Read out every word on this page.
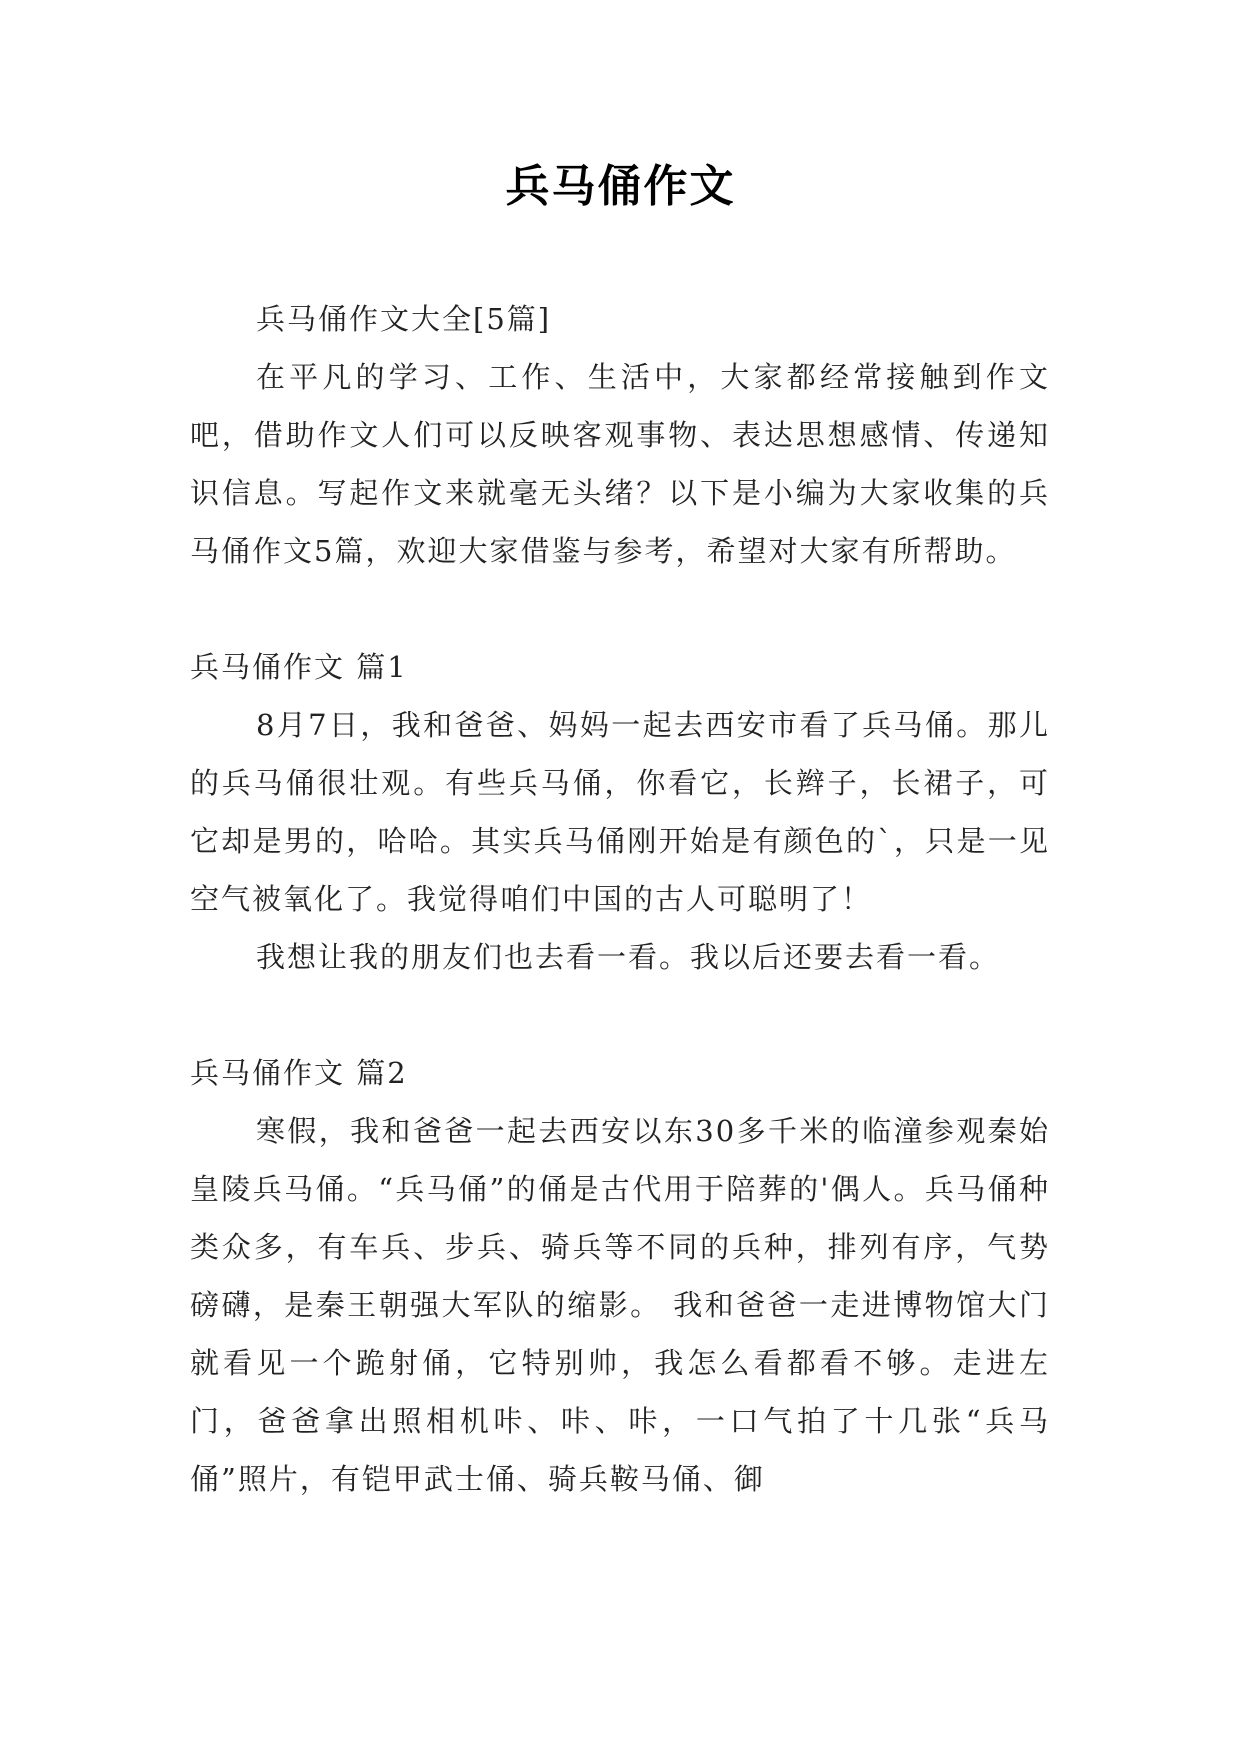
兵马俑作文

兵马俑作文大全[5篇]

在平凡的学习、工作、生活中，大家都经常接触到作文吧，借助作文人们可以反映客观事物、表达思想感情、传递知识信息。写起作文来就毫无头绪？以下是小编为大家收集的兵马俑作文5篇，欢迎大家借鉴与参考，希望对大家有所帮助。

兵马俑作文 篇1

8月7日，我和爸爸、妈妈一起去西安市看了兵马俑。那儿的兵马俑很壮观。有些兵马俑，你看它，长辫子，长裙子，可它却是男的，哈哈。其实兵马俑刚开始是有颜色的`，只是一见空气被氧化了。我觉得咱们中国的古人可聪明了！

我想让我的朋友们也去看一看。我以后还要去看一看。

兵马俑作文 篇2

寒假，我和爸爸一起去西安以东30多千米的临潼参观秦始皇陵兵马俑。“兵马俑”的俑是古代用于陪葬的'偶人。兵马俑种类众多，有车兵、步兵、骑兵等不同的兵种，排列有序，气势磅礴，是秦王朝强大军队的缩影。 我和爸爸一走进博物馆大门就看见一个跪射俑，它特别帅，我怎么看都看不够。走进左门，爸爸拿出照相机咔、咔、咔，一口气拍了十几张“兵马俑”照片，有铠甲武士俑、骑兵鞍马俑、御
